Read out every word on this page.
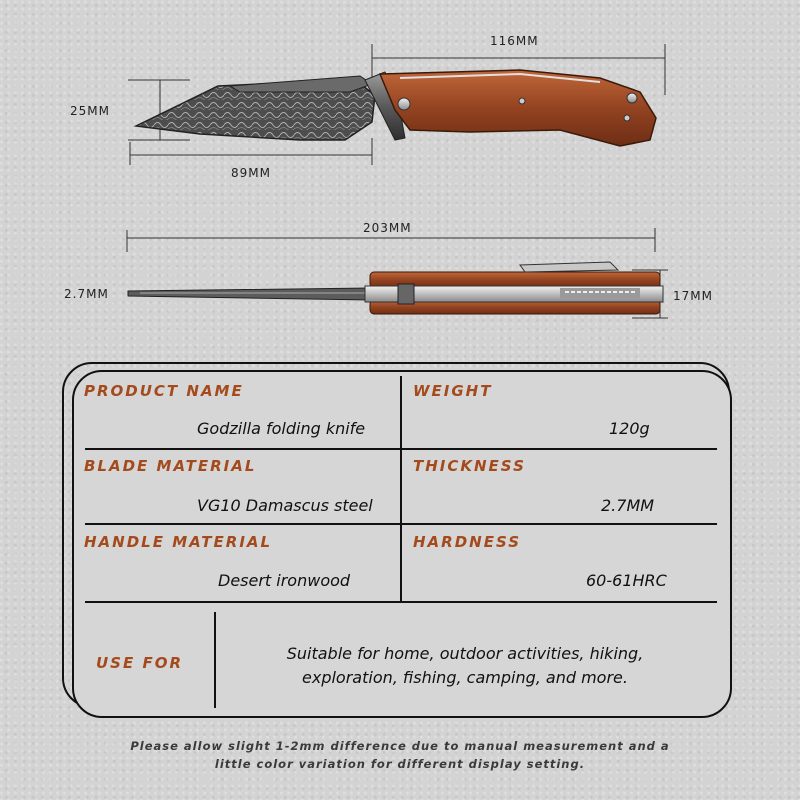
116MM
25MM
89MM
203MM
2.7MM	17MM
PRODUCT NAME
Godzilla folding knife
WEIGHT
120g
BLADE MATERIAL
VG10 Damascus steel
THICKNESS
2.7MM
HANDLE MATERIAL
Desert ironwood
HARDNESS
60-61HRC
USE FOR	Suitable for home, outdoor activities, hiking,
exploration, fishing, camping, and more.
Please allow slight 1-2mm difference due to manual measurement and a
little color variation for different display setting.
